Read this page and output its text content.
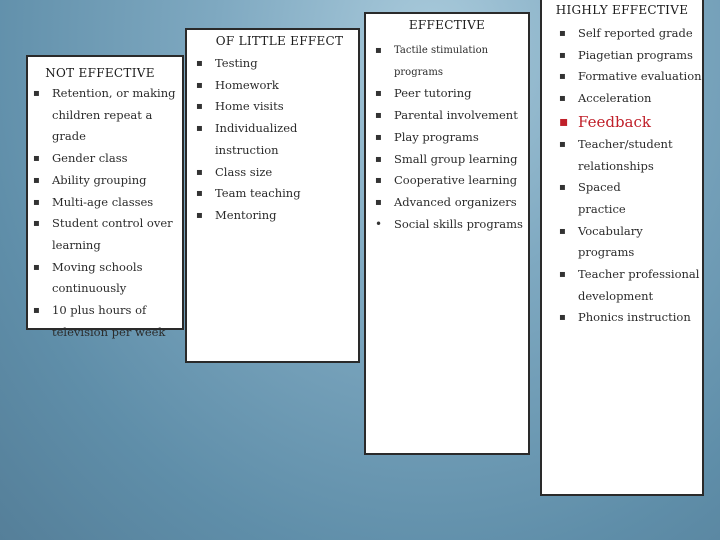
NOT EFFECTIVE
▪ Retention, or making
children repeat a
grade
▪ Gender class
▪ Ability grouping
▪ Multi-age classes
▪ Student control over
learning
▪ Moving schools
continuously
▪ 10 plus hours of
television per week
OF LITTLE EFFECT
▪ Testing
▪ Homework
▪ Home visits
▪ Individualized instruction
▪ Class size
▪ Team teaching
▪ Mentoring
EFFECTIVE
▪ Tactile stimulation
programs
▪ Peer tutoring
▪ Parental involvement
▪ Play programs
▪ Small group learning
▪ Cooperative learning
▪ Advanced organizers
• Social skills programs
HIGHLY EFFECTIVE
▪ Self reported grade
▪ Piagetian programs
▪ Formative evaluation
▪ Acceleration
▪ Feedback
▪ Teacher/student
relationships
▪ Spaced
practice
▪ Vocabulary programs
▪ Teacher professional
development
▪ Phonics instruction
